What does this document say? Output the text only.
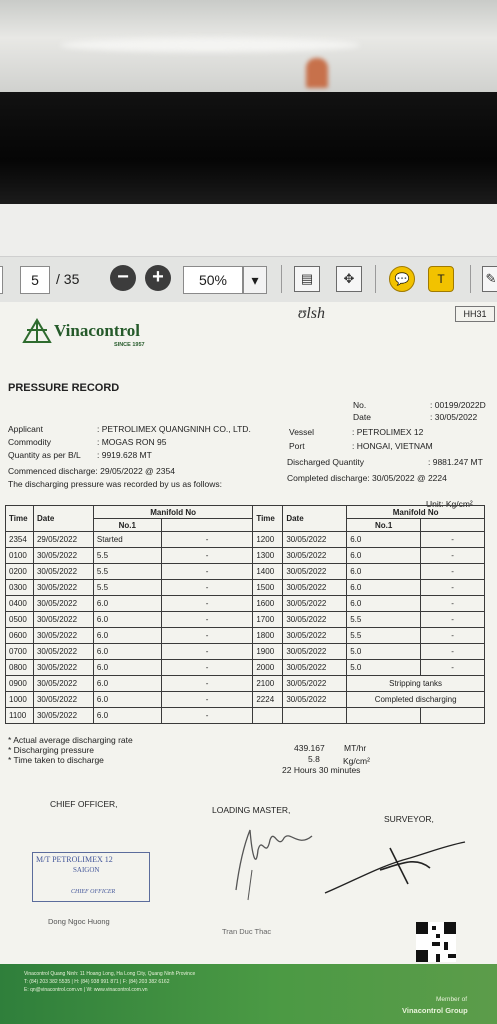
5	/ 35	−	+	50%	▾	▤	✥	💬	T	✎
HH31
ʊlsh
Vinacontrol
SINCE 1957
PRESSURE RECORD
No.	: 00199/2022D
Date	: 30/05/2022
Applicant	: PETROLIMEX QUANGNINH CO., LTD.
Commodity	: MOGAS RON 95
Quantity as per B/L : 9919.628 MT
Commenced discharge: 29/05/2022 @ 2354
The discharging pressure was recorded by us as follows:
Vessel	: PETROLIMEX 12
Port	: HONGAI, VIETNAM
Discharged Quantity	: 9881.247 MT
Completed discharge: 30/05/2022 @ 2224
Unit: Kg/cm²
Time	Date	Manifold No		Time	Date	Manifold No	
		No.1				No.1	
2354	29/05/2022	Started	-	1200	30/05/2022	6.0	-
0100	30/05/2022	5.5	-	1300	30/05/2022	6.0	-
0200	30/05/2022	5.5	-	1400	30/05/2022	6.0	-
0300	30/05/2022	5.5	-	1500	30/05/2022	6.0	-
0400	30/05/2022	6.0	-	1600	30/05/2022	6.0	-
0500	30/05/2022	6.0	-	1700	30/05/2022	5.5	-
0600	30/05/2022	6.0	-	1800	30/05/2022	5.5	-
0700	30/05/2022	6.0	-	1900	30/05/2022	5.0	-
0800	30/05/2022	6.0	-	2000	30/05/2022	5.0	-
0900	30/05/2022	6.0	-	2100	30/05/2022	Stripping tanks	
1000	30/05/2022	6.0	-	2224	30/05/2022	Completed discharging	
1100	30/05/2022	6.0	-				
* Actual average discharging rate
* Discharging pressure
* Time taken to discharge
439.167 MT/hr
5.8	Kg/cm²
22 Hours 30 minutes
CHIEF OFFICER,
LOADING MASTER,
SURVEYOR,
M/T PETROLIMEX 12
SAIGON
CHIEF OFFICER
Dong Ngoc Huong
Tran Duc Thac
Vinacontrol Quang Ninh: 11 Hoang Long, Ha Long City, Quang Ninh Province
T: (84) 203 382 5535 | H: (84) 938 991 871 | F: (84) 203 382 6162
E: qn@vinacontrol.com.vn | W: www.vinacontrol.com.vn
Member of
Vinacontrol Group
